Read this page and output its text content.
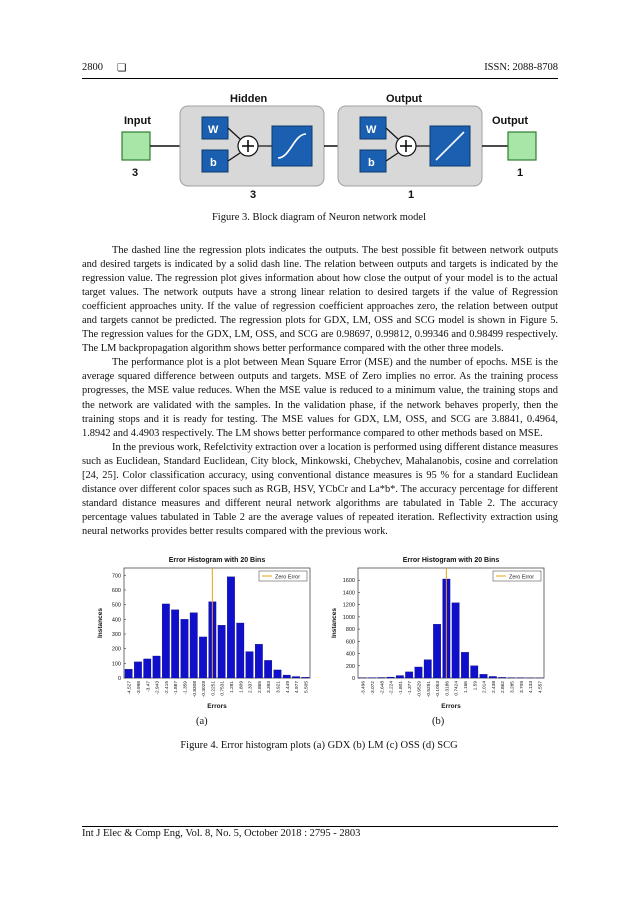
2800 ❏	ISSN: 2088-8708
Input
3
Hidden
W
b
3
Output
W
b
1
Output
1
Figure 3. Block diagram of Neuron network model

The dashed line the regression plots indicates the outputs. The best possible fit between network outputs and desired targets is indicated by a solid dash line. The relation between outputs and targets is indicated by the regression value. The regression plot gives information about how close the output of your model is to the actual target values. The network outputs have a strong linear relation to desired targets if the value of Regression coefficient approaches unity. If the value of regression coefficient approaches zero, the relation between output and targets cannot be predicted. The regression plots for GDX, LM, OSS and SCG model is shown in Figure 5. The regression values for the GDX, LM, OSS, and SCG are 0.98697, 0.99812, 0.99346 and 0.98499 respectively. The LM backpropagation algorithm shows better performance compared with the other three models.

The performance plot is a plot between Mean Square Error (MSE) and the number of epochs. MSE is the average squared difference between outputs and targets. MSE of Zero implies no error. As the training process progresses, the MSE value reduces. When the MSE value is reduced to a minimum value, the training stops and the network are validated with the samples. In the validation phase, if the network behaves properly, then the training stops and it is ready for testing. The MSE values for GDX, LM, OSS, and SCG are 3.8841, 0.4964, 1.8942 and 4.4903 respectively. The LM shows better performance compared to other methods based on MSE.

In the previous work, Refelctivity extraction over a location is performed using different distance measures such as Euclidean, Standard Euclidean, City block, Minkowski, Chebychev, Mahalanobis, cosine and correlation [24, 25]. Color classification accuracy, using conventional distance measures is 95 % for a standard Euclidean distance over different color spaces such as RGB, HSV, YCbCr and La*b*. The accuracy percentage for different standard distance measures and different neural network algorithms are tabulated in Table 2. The accuracy percentage values tabulated in Table 2 are the average values of repeated iteration. Reflectivity extraction using neural networks provides better results compared with the previous work.

Error Histogram with 20 Bins
0
100
200
300
400
500
600
700	Zero Error
-4.527 -3.998 -3.47 -2.943 -2.415 -1.887 -1.359 -0.8308 -0.3028 0.2251 0.7531 1.281 1.809 2.337 2.865 3.393 3.921 4.449 4.977 5.505
Errors
Instances
Error Histogram with 20 Bins
0
200
400
600
800
1000
1200
1400
1600
Zero Error
-3.496 -3.072 -2.648 -2.224 -1.801 -1.377 -0.9529 -0.5291 -0.1053 0.3186 0.7424 1.166 1.59 2.014 2.438 2.862 3.285 3.709 4.133 4.557
Errors
Instances
(a)	(b)
Figure 4. Error histogram plots (a) GDX (b) LM (c) OSS (d) SCG
Int J Elec & Comp Eng, Vol. 8, No. 5, October 2018 : 2795 - 2803
